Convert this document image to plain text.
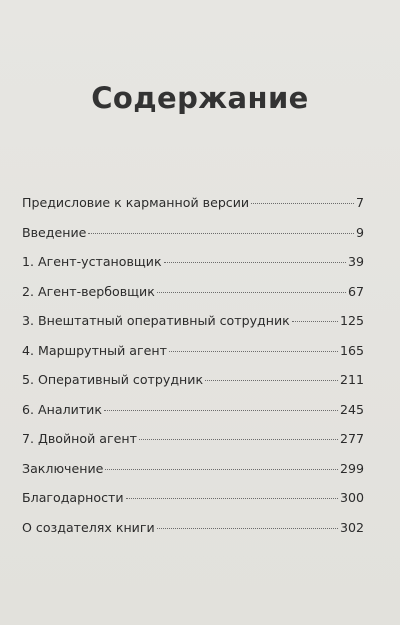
Содержание
Предисловие к карманной версии	7
Введение	9
1. Агент-установщик	39
2. Агент-вербовщик	67
3. Внештатный оперативный сотрудник	125
4. Маршрутный агент	165
5. Оперативный сотрудник	211
6. Аналитик	245
7. Двойной агент	277
Заключение	299
Благодарности	300
О создателях книги	302
